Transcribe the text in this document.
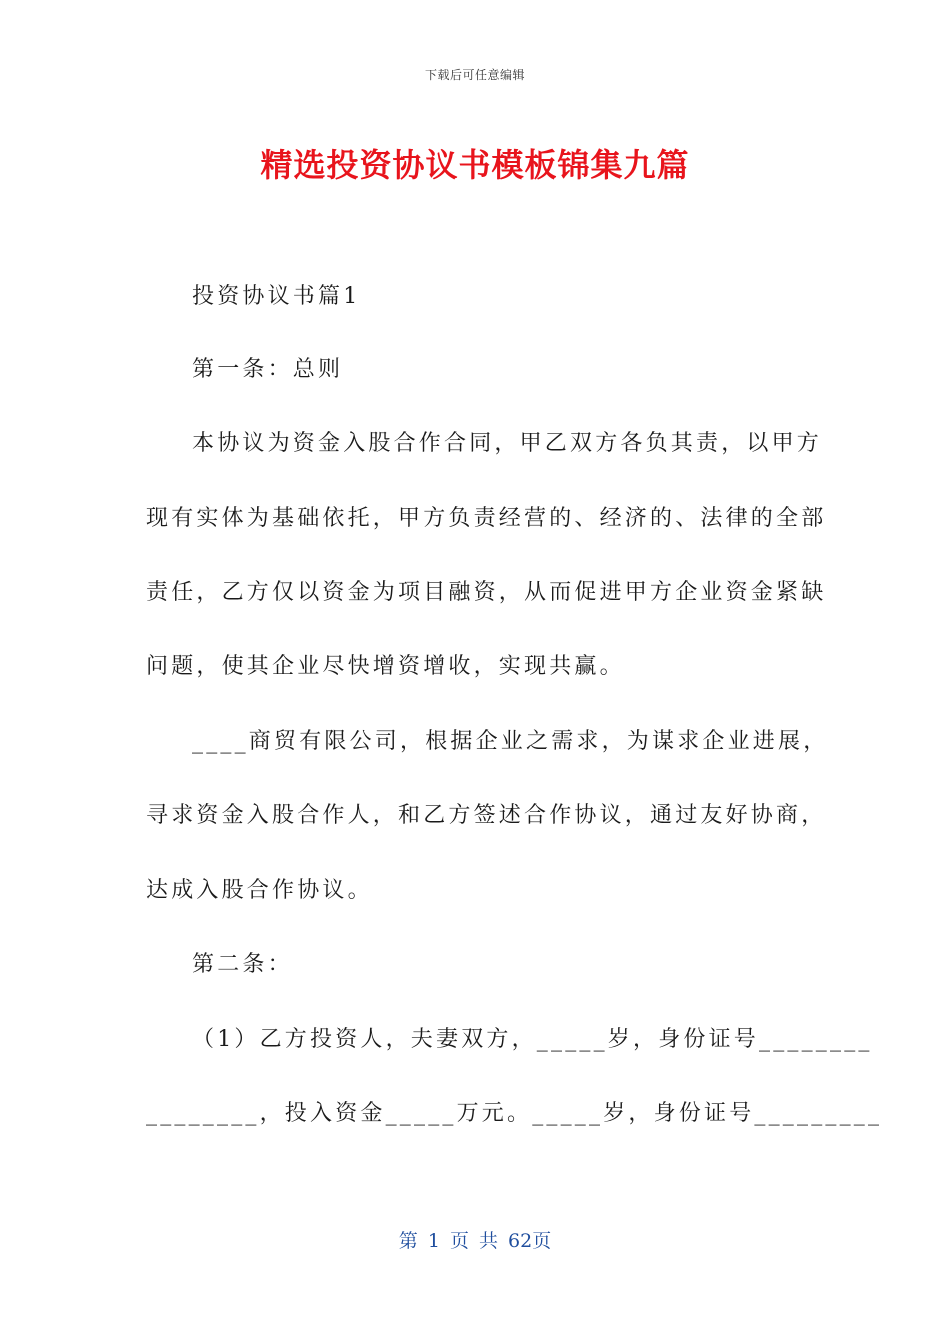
下载后可任意编辑
精选投资协议书模板锦集九篇
投资协议书篇1
第一条：总则
本协议为资金入股合作合同，甲乙双方各负其责，以甲方
现有实体为基础依托，甲方负责经营的、经济的、法律的全部
责任，乙方仅以资金为项目融资，从而促进甲方企业资金紧缺
问题，使其企业尽快增资增收，实现共赢。
____商贸有限公司，根据企业之需求，为谋求企业进展，
寻求资金入股合作人，和乙方签述合作协议，通过友好协商，
达成入股合作协议。
第二条：
（1）乙方投资人，夫妻双方，_____岁，身份证号________
________，投入资金_____万元。_____岁，身份证号_________
第 1 页 共 62页
